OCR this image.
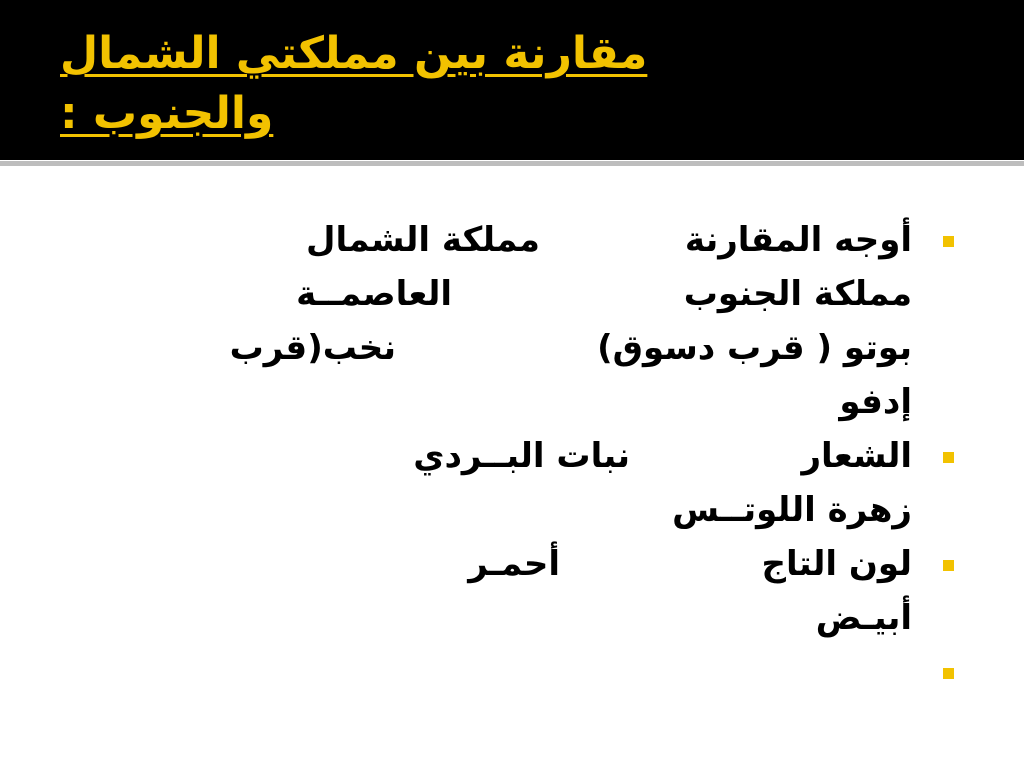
مقارنة بين مملكتي الشمال
والجنوب :
أوجه المقارنة
مملكة الشمال
مملكة الجنوب
العاصمــة
بوتو ( قرب دسوق)
نخب(قرب
إدفو
الشعار
نبات البــردي
زهرة اللوتــس
لون التاج
أحمـر
أبيـض
